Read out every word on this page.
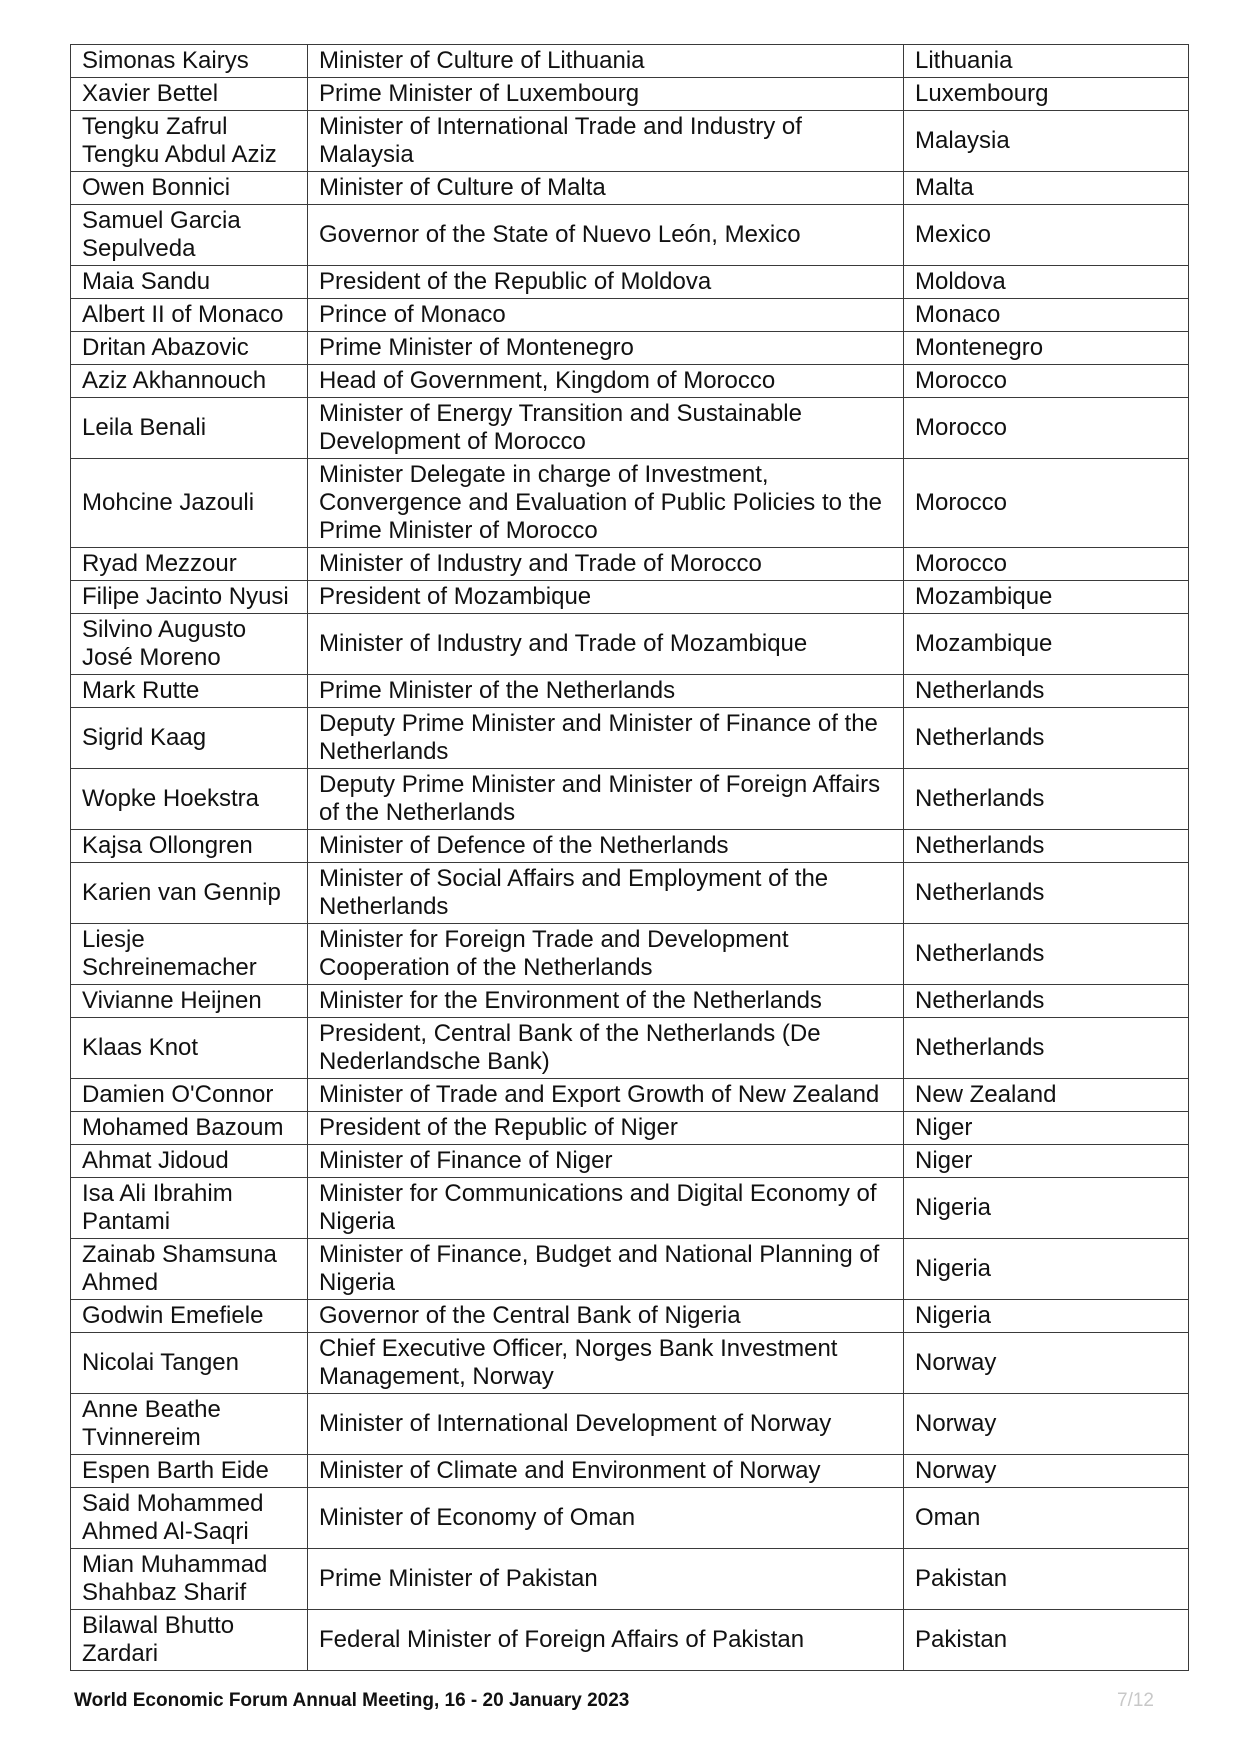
Simonas Kairys	Minister of Culture of Lithuania	Lithuania
Xavier Bettel	Prime Minister of Luxembourg	Luxembourg
Tengku Zafrul Tengku Abdul Aziz	Minister of International Trade and Industry of Malaysia	Malaysia
Owen Bonnici	Minister of Culture of Malta	Malta
Samuel Garcia Sepulveda	Governor of the State of Nuevo León, Mexico	Mexico
Maia Sandu	President of the Republic of Moldova	Moldova
Albert II of Monaco	Prince of Monaco	Monaco
Dritan Abazovic	Prime Minister of Montenegro	Montenegro
Aziz Akhannouch	Head of Government, Kingdom of Morocco	Morocco
Leila Benali	Minister of Energy Transition and Sustainable Development of Morocco	Morocco
Mohcine Jazouli	Minister Delegate in charge of Investment, Convergence and Evaluation of Public Policies to the Prime Minister of Morocco	Morocco
Ryad Mezzour	Minister of Industry and Trade of Morocco	Morocco
Filipe Jacinto Nyusi	President of Mozambique	Mozambique
Silvino Augusto José Moreno	Minister of Industry and Trade of Mozambique	Mozambique
Mark Rutte	Prime Minister of the Netherlands	Netherlands
Sigrid Kaag	Deputy Prime Minister and Minister of Finance of the Netherlands	Netherlands
Wopke Hoekstra	Deputy Prime Minister and Minister of Foreign Affairs of the Netherlands	Netherlands
Kajsa Ollongren	Minister of Defence of the Netherlands	Netherlands
Karien van Gennip	Minister of Social Affairs and Employment of the Netherlands	Netherlands
Liesje Schreinemacher	Minister for Foreign Trade and Development Cooperation of the Netherlands	Netherlands
Vivianne Heijnen	Minister for the Environment of the Netherlands	Netherlands
Klaas Knot	President, Central Bank of the Netherlands (De Nederlandsche Bank)	Netherlands
Damien O'Connor	Minister of Trade and Export Growth of New Zealand	New Zealand
Mohamed Bazoum	President of the Republic of Niger	Niger
Ahmat Jidoud	Minister of Finance of Niger	Niger
Isa Ali Ibrahim Pantami	Minister for Communications and Digital Economy of Nigeria	Nigeria
Zainab Shamsuna Ahmed	Minister of Finance, Budget and National Planning of Nigeria	Nigeria
Godwin Emefiele	Governor of the Central Bank of Nigeria	Nigeria
Nicolai Tangen	Chief Executive Officer, Norges Bank Investment Management, Norway	Norway
Anne Beathe Tvinnereim	Minister of International Development of Norway	Norway
Espen Barth Eide	Minister of Climate and Environment of Norway	Norway
Said Mohammed Ahmed Al-Saqri	Minister of Economy of Oman	Oman
Mian Muhammad Shahbaz Sharif	Prime Minister of Pakistan	Pakistan
Bilawal Bhutto Zardari	Federal Minister of Foreign Affairs of Pakistan	Pakistan
World Economic Forum Annual Meeting, 16 - 20 January 2023	7/12
